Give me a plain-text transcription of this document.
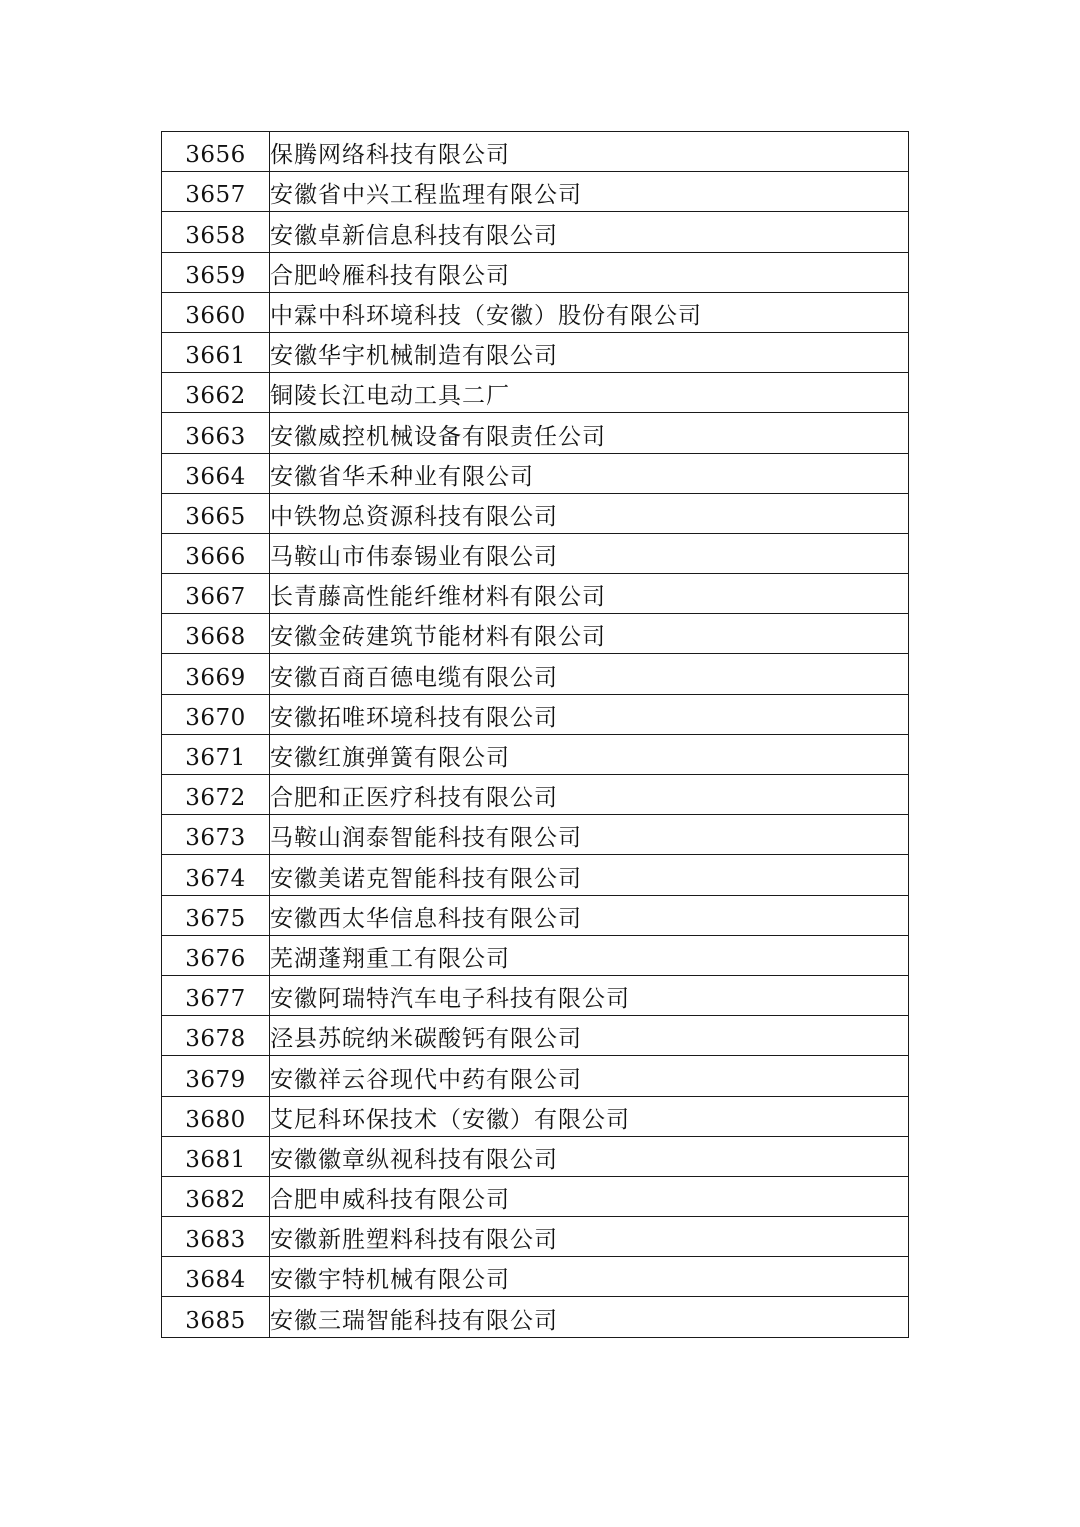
3656	保腾网络科技有限公司
3657	安徽省中兴工程监理有限公司
3658	安徽卓新信息科技有限公司
3659	合肥岭雁科技有限公司
3660	中霖中科环境科技（安徽）股份有限公司
3661	安徽华宇机械制造有限公司
3662	铜陵长江电动工具二厂
3663	安徽威控机械设备有限责任公司
3664	安徽省华禾种业有限公司
3665	中铁物总资源科技有限公司
3666	马鞍山市伟泰锡业有限公司
3667	长青藤高性能纤维材料有限公司
3668	安徽金砖建筑节能材料有限公司
3669	安徽百商百德电缆有限公司
3670	安徽拓唯环境科技有限公司
3671	安徽红旗弹簧有限公司
3672	合肥和正医疗科技有限公司
3673	马鞍山润泰智能科技有限公司
3674	安徽美诺克智能科技有限公司
3675	安徽西太华信息科技有限公司
3676	芜湖蓬翔重工有限公司
3677	安徽阿瑞特汽车电子科技有限公司
3678	泾县苏皖纳米碳酸钙有限公司
3679	安徽祥云谷现代中药有限公司
3680	艾尼科环保技术（安徽）有限公司
3681	安徽徽章纵视科技有限公司
3682	合肥申威科技有限公司
3683	安徽新胜塑料科技有限公司
3684	安徽宇特机械有限公司
3685	安徽三瑞智能科技有限公司
